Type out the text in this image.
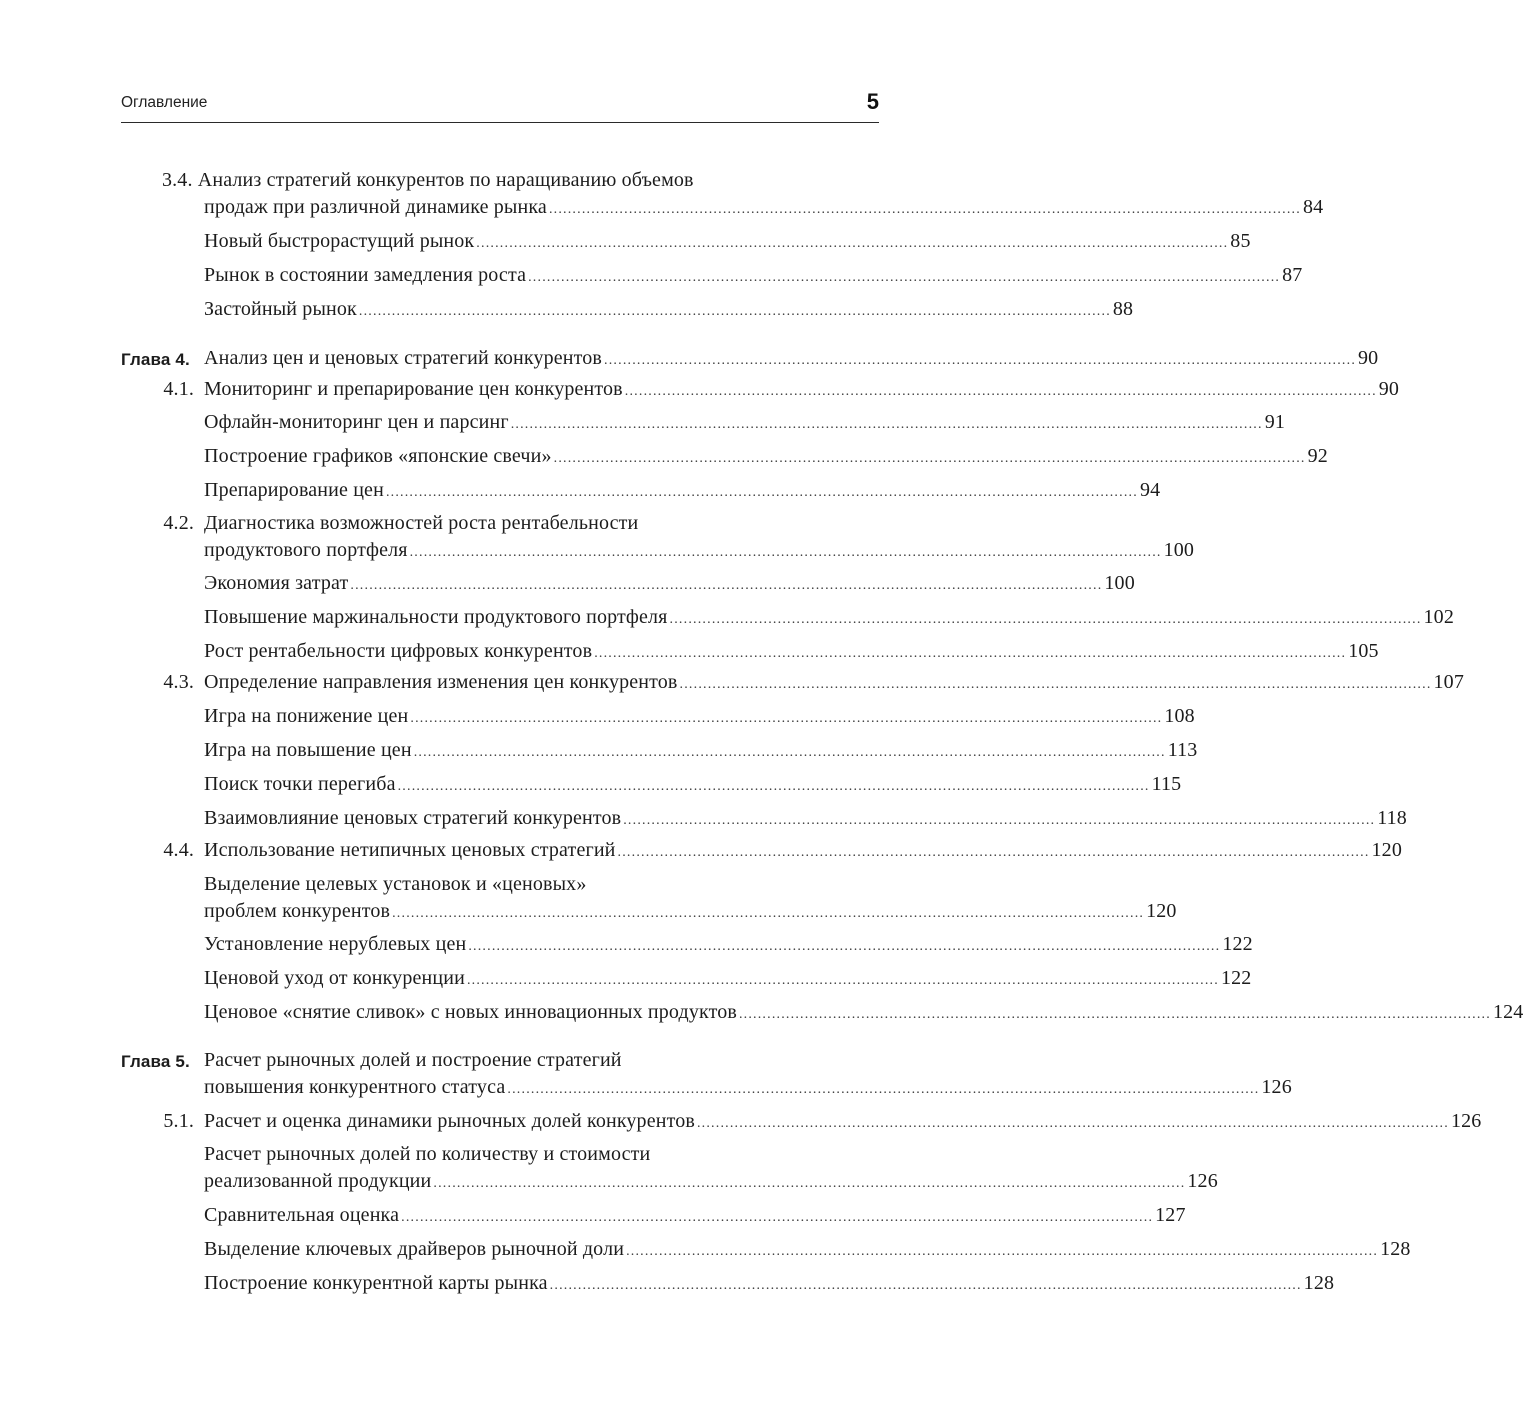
Оглавление	5
3.4. Анализ стратегий конкурентов по наращиванию объемов
продаж при различной динамике рынка ................................................................................................................................................................ 84
Новый быстрорастущий рынок ................................................................................................................................................................ 85
Рынок в состоянии замедления роста ................................................................................................................................................................ 87
Застойный рынок ................................................................................................................................................................ 88
Глава 4. Анализ цен и ценовых стратегий конкурентов ................................................................................................................................................................ 90
4.1. Мониторинг и препарирование цен конкурентов ................................................................................................................................................................ 90
Офлайн-мониторинг цен и парсинг ................................................................................................................................................................ 91
Построение графиков «японские свечи» ................................................................................................................................................................ 92
Препарирование цен ................................................................................................................................................................ 94
4.2. Диагностика возможностей роста рентабельности
продуктового портфеля ................................................................................................................................................................ 100
Экономия затрат ................................................................................................................................................................ 100
Повышение маржинальности продуктового портфеля ................................................................................................................................................................ 102
Рост рентабельности цифровых конкурентов ................................................................................................................................................................ 105
4.3. Определение направления изменения цен конкурентов ................................................................................................................................................................ 107
Игра на понижение цен ................................................................................................................................................................ 108
Игра на повышение цен ................................................................................................................................................................ 113
Поиск точки перегиба ................................................................................................................................................................ 115
Взаимовлияние ценовых стратегий конкурентов ................................................................................................................................................................ 118
4.4. Использование нетипичных ценовых стратегий ................................................................................................................................................................ 120
Выделение целевых установок и «ценовых»
проблем конкурентов ................................................................................................................................................................ 120
Установление нерублевых цен ................................................................................................................................................................ 122
Ценовой уход от конкуренции ................................................................................................................................................................ 122
Ценовое «снятие сливок» с новых инновационных продуктов ................................................................................................................................................................ 124
Глава 5. Расчет рыночных долей и построение стратегий
повышения конкурентного статуса ................................................................................................................................................................ 126
5.1. Расчет и оценка динамики рыночных долей конкурентов ................................................................................................................................................................ 126
Расчет рыночных долей по количеству и стоимости
реализованной продукции ................................................................................................................................................................ 126
Сравнительная оценка ................................................................................................................................................................ 127
Выделение ключевых драйверов рыночной доли ................................................................................................................................................................ 128
Построение конкурентной карты рынка ................................................................................................................................................................ 128
